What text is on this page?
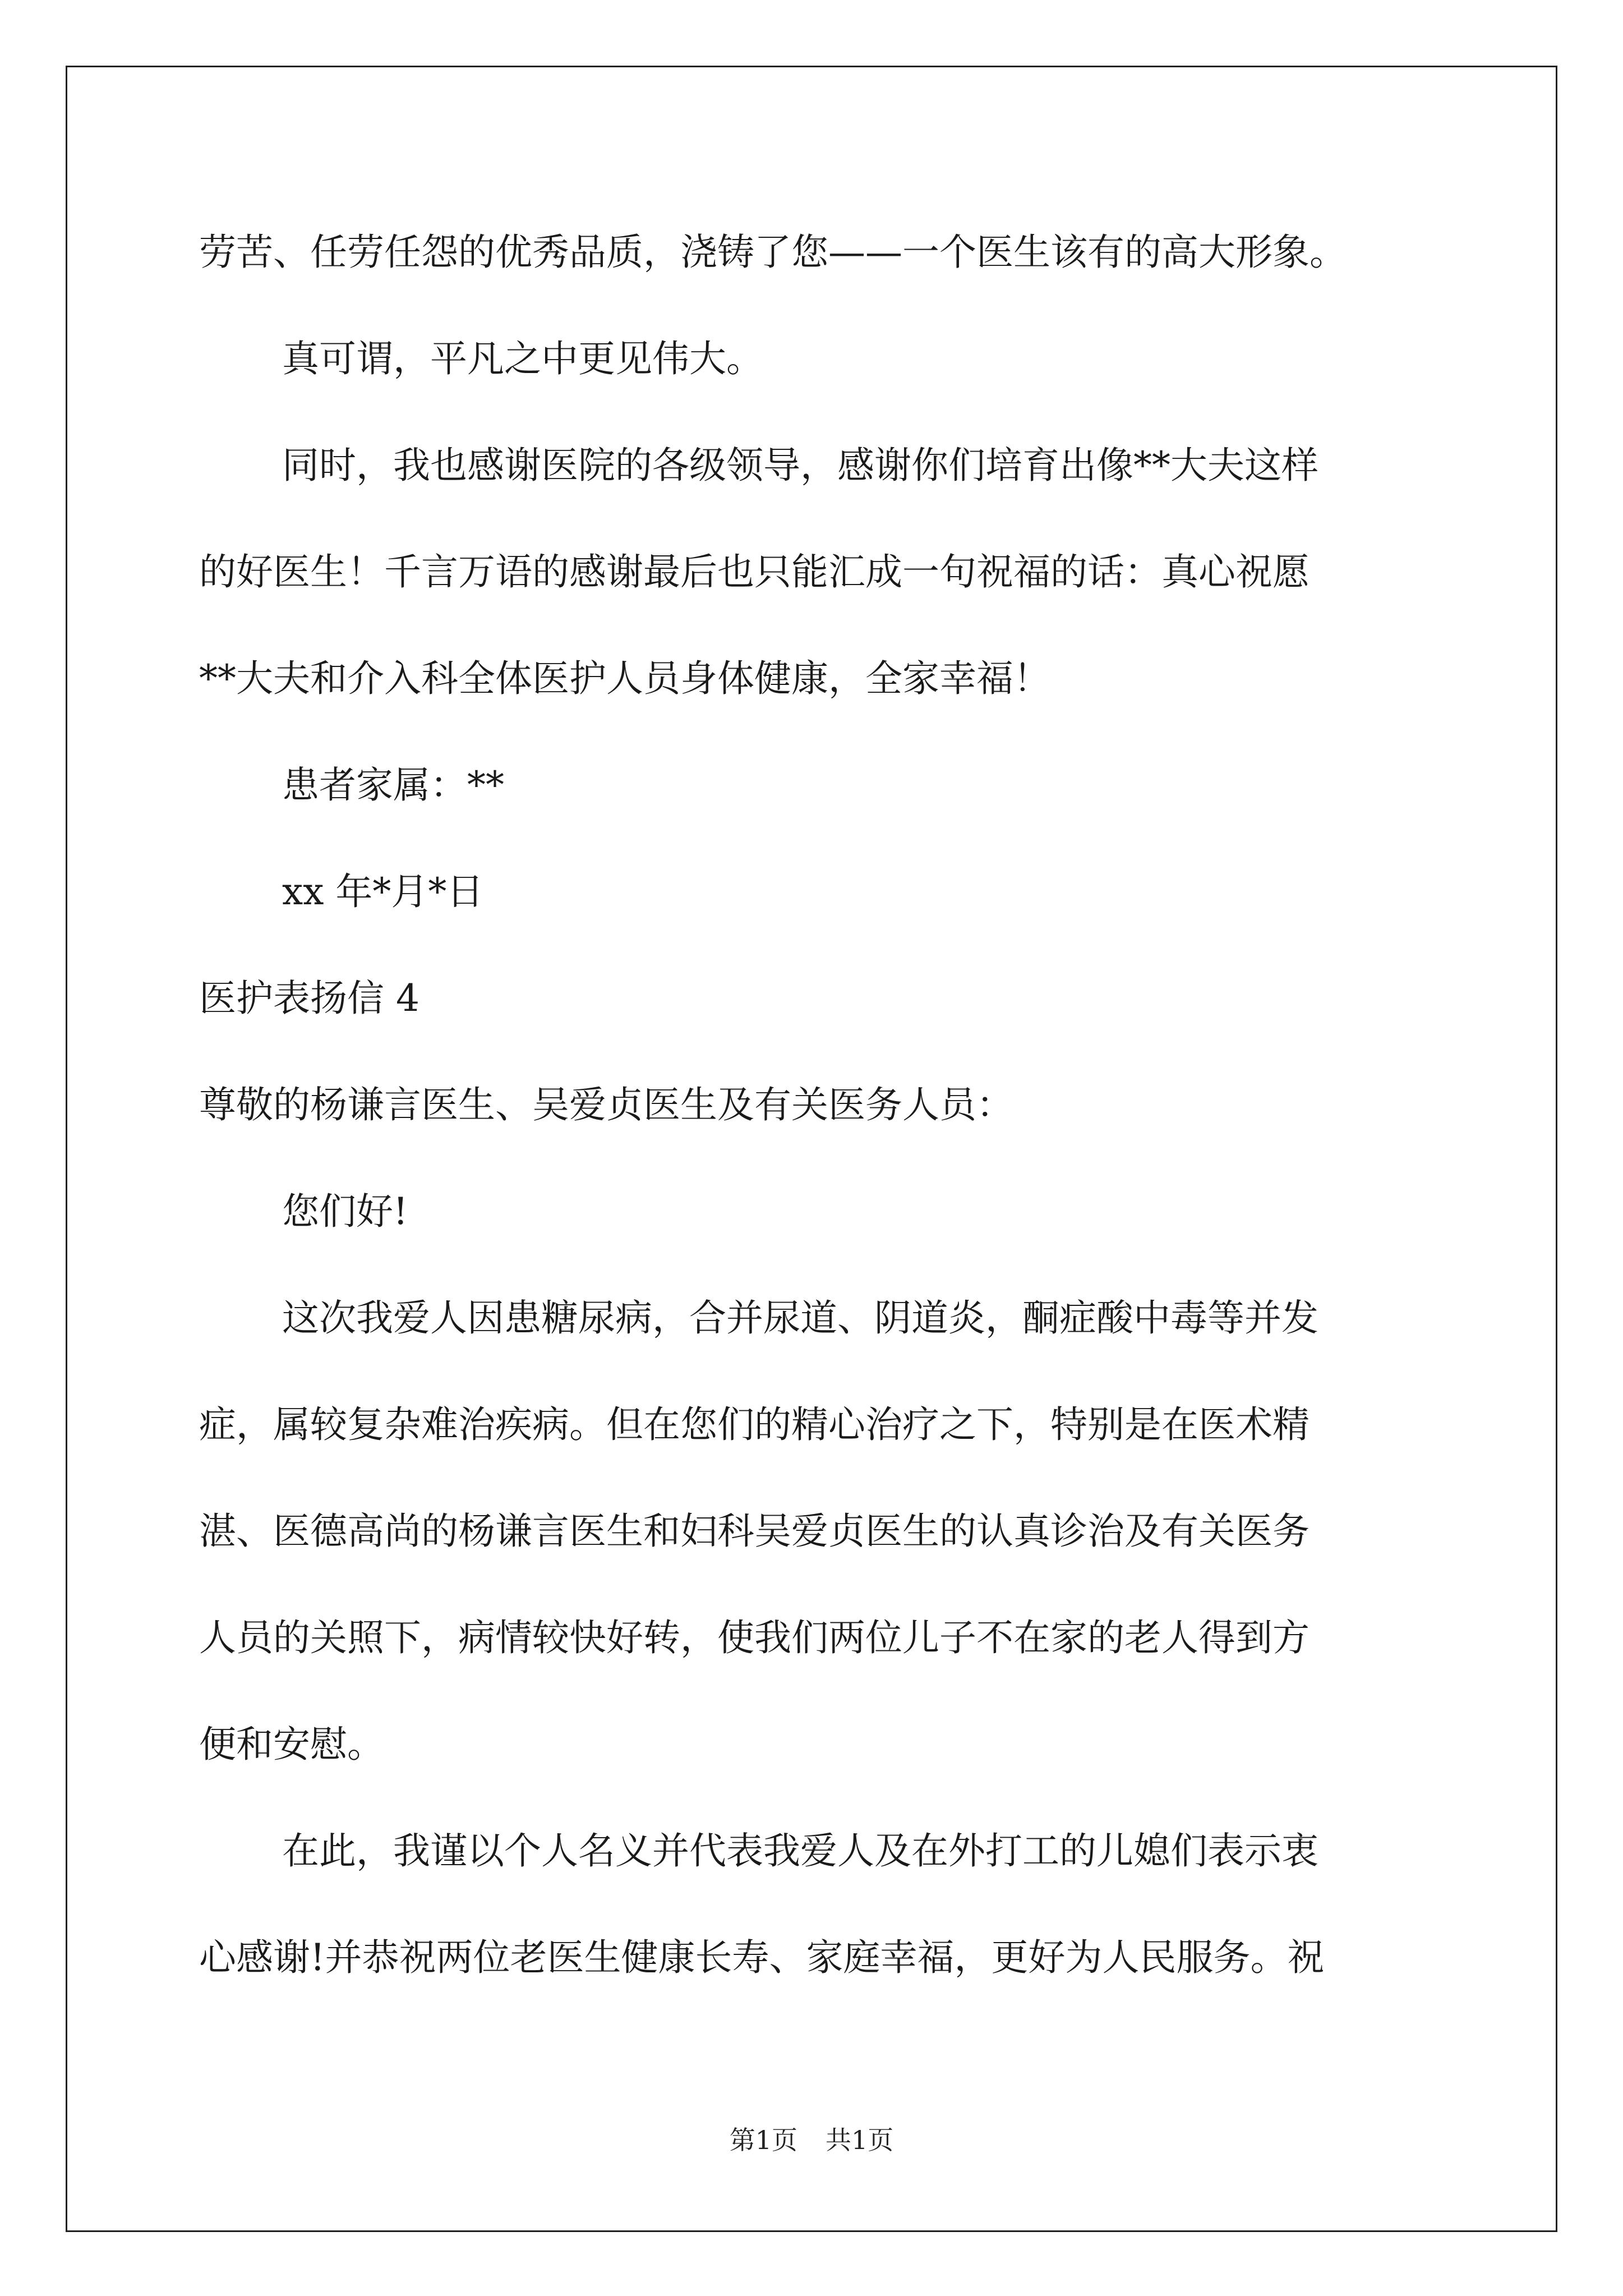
劳苦、任劳任怨的优秀品质，浇铸了您——一个医生该有的高大形象。
真可谓，平凡之中更见伟大。
同时，我也感谢医院的各级领导，感谢你们培育出像**大夫这样
的好医生！千言万语的感谢最后也只能汇成一句祝福的话：真心祝愿
**大夫和介入科全体医护人员身体健康，全家幸福！
患者家属：**
xx 年*月*日
医护表扬信 4
尊敬的杨谦言医生、吴爱贞医生及有关医务人员：
您们好!
这次我爱人因患糖尿病，合并尿道、阴道炎，酮症酸中毒等并发
症，属较复杂难治疾病。但在您们的精心治疗之下，特别是在医术精
湛、医德高尚的杨谦言医生和妇科吴爱贞医生的认真诊治及有关医务
人员的关照下，病情较快好转，使我们两位儿子不在家的老人得到方
便和安慰。
在此，我谨以个人名义并代表我爱人及在外打工的儿媳们表示衷
心感谢!并恭祝两位老医生健康长寿、家庭幸福，更好为人民服务。祝
第1页 共1页
